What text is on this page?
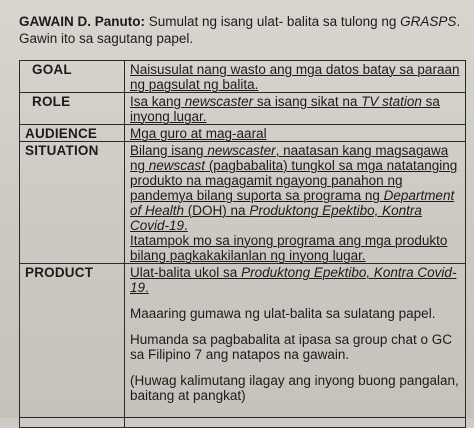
GAWAIN D. Panuto: Sumulat ng isang ulat- balita sa tulong ng GRASPS. Gawin ito sa sagutang papel.
GOAL	Naisusulat nang wasto ang mga datos batay sa paraan ng pagsulat ng balita.
ROLE	Isa kang newscaster sa isang sikat na TV station sa inyong lugar.
AUDIENCE	Mga guro at mag-aaral
SITUATION	Bilang isang newscaster, naatasan kang magsagawa ng newscast (pagbabalita) tungkol sa mga natatanging produkto na magagamit ngayong panahon ng pandemya bilang suporta sa programa ng Department of Health (DOH) na Produktong Epektibo, Kontra Covid-19.

Itatampok mo sa inyong programa ang mga produkto bilang pagkakakilanlan ng inyong lugar.

PRODUCT	Ulat-balita ukol sa Produktong Epektibo, Kontra Covid-19.

Maaaring gumawa ng ulat-balita sa sulatang papel.

Humanda sa pagbabalita at ipasa sa group chat o GC sa Filipino 7 ang natapos na gawain.

(Huwag kalimutang ilagay ang inyong buong pangalan, baitang at pangkat)
